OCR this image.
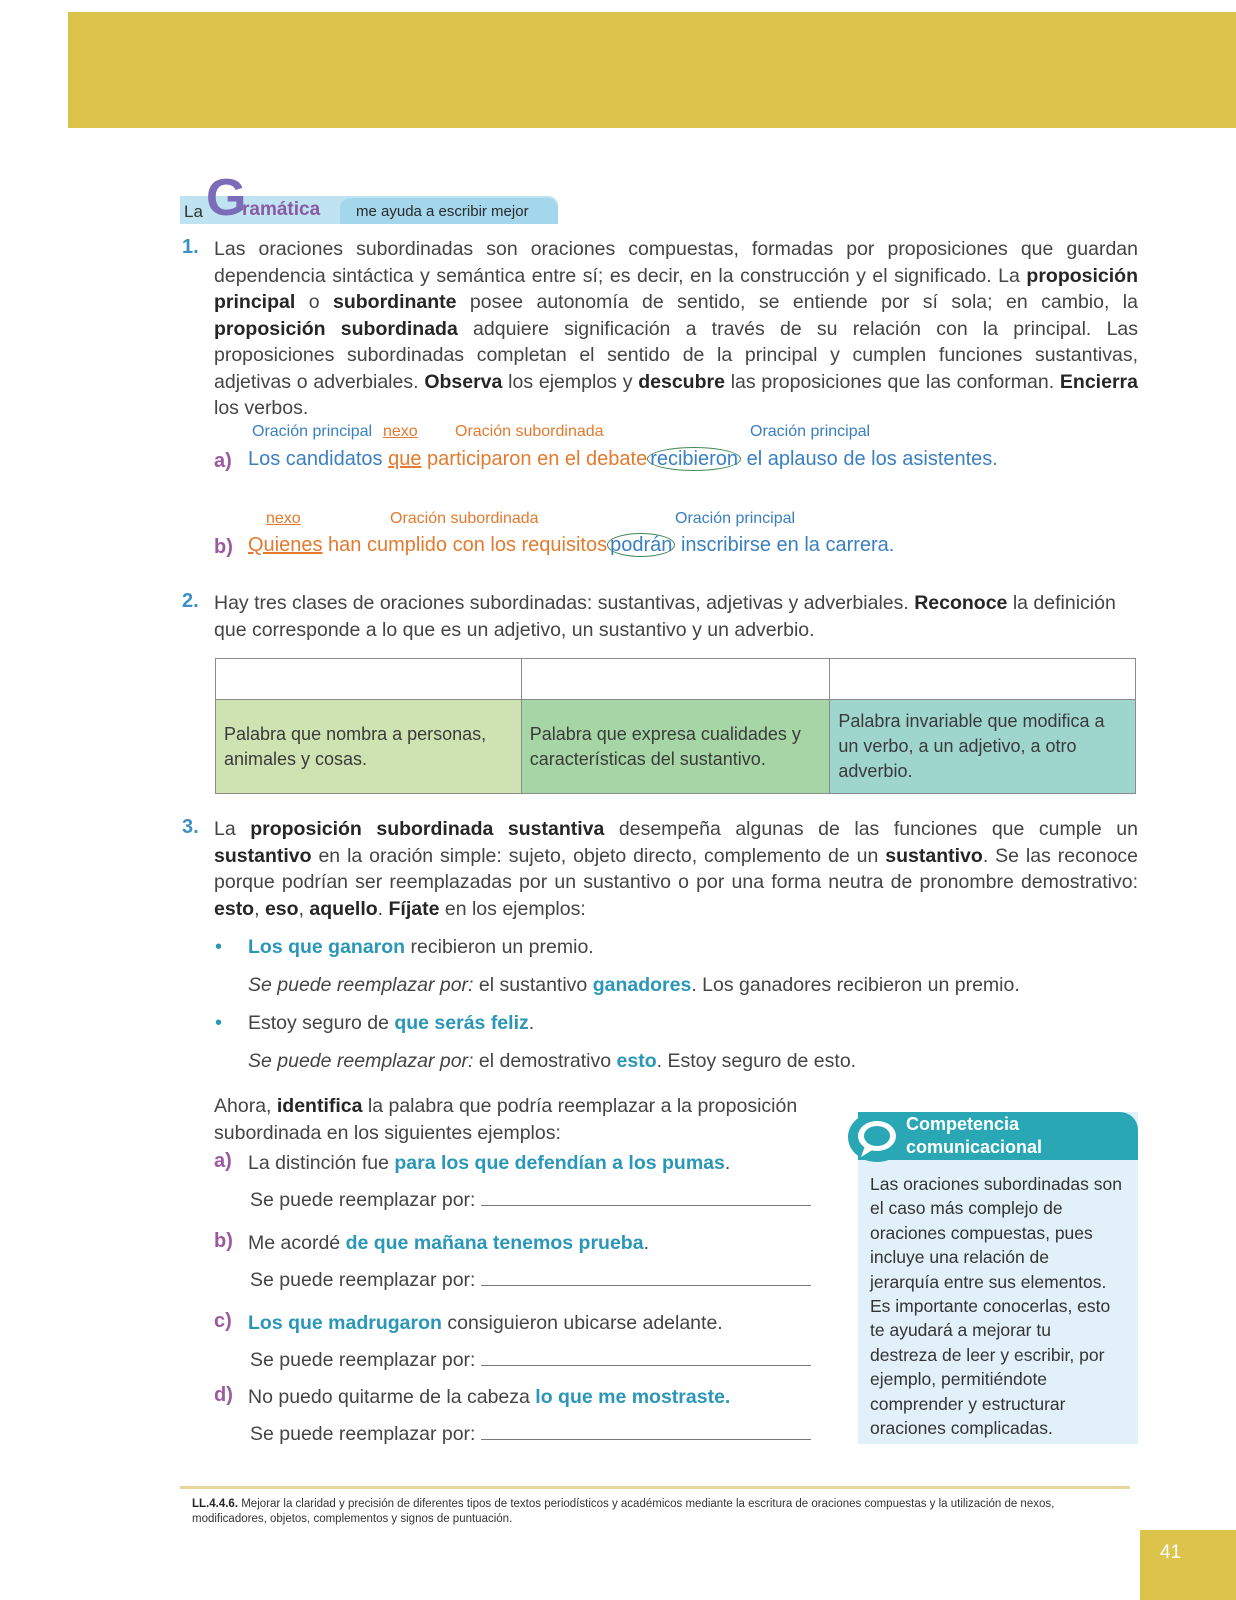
La G
ramática me ayuda a escribir mejor
1. Las oraciones subordinadas son oraciones compuestas, formadas por proposiciones que guardan dependencia sintáctica y semántica entre sí; es decir, en la construcción y el significado. La proposición principal o subordinante posee autonomía de sentido, se entiende por sí sola; en cambio, la proposición subordinada adquiere significación a través de su relación con la principal. Las proposiciones subordinadas completan el sentido de la principal y cumplen funciones sustantivas, adjetivas o adverbiales. Observa los ejemplos y descubre las proposiciones que las conforman. Encierra los verbos.
Oración principal nexo Oración subordinada	Oración principal
a) Los candidatos que participaron en el debate recibieron el aplauso de los asistentes.
nexo	Oración subordinada	Oración principal
b) Quienes han cumplido con los requisitos podrán inscribirse en la carrera.
2. Hay tres clases de oraciones subordinadas: sustantivas, adjetivas y adverbiales. Reconoce la definición que corresponde a lo que es un adjetivo, un sustantivo y un adverbio.

Palabra que nombra a personas, animales y cosas.	Palabra que expresa cualidades y características del sustantivo.	Palabra invariable que modifica a un verbo, a un adjetivo, a otro adverbio.
3. La proposición subordinada sustantiva desempeña algunas de las funciones que cumple un sustantivo en la oración simple: sujeto, objeto directo, complemento de un sustantivo. Se las reconoce porque podrían ser reemplazadas por un sustantivo o por una forma neutra de pronombre demostrativo: esto, eso, aquello. Fíjate en los ejemplos:
• Los que ganaron recibieron un premio.
Se puede reemplazar por: el sustantivo ganadores. Los ganadores recibieron un premio.
• Estoy seguro de que serás feliz.
Se puede reemplazar por: el demostrativo esto. Estoy seguro de esto.
Ahora, identifica la palabra que podría reemplazar a la proposición subordinada en los siguientes ejemplos:
a) La distinción fue para los que defendían a los pumas.
Se puede reemplazar por:
b) Me acordé de que mañana tenemos prueba.
Se puede reemplazar por:
c) Los que madrugaron consiguieron ubicarse adelante.
Se puede reemplazar por:
d) No puedo quitarme de la cabeza lo que me mostraste.
Se puede reemplazar por:
Competencia
comunicacional
Las oraciones subordinadas son el caso más complejo de oraciones compuestas, pues incluye una relación de jerarquía entre sus elementos. Es importante conocerlas, esto te ayudará a mejorar tu destreza de leer y escribir, por ejemplo, permitiéndote comprender y estructurar oraciones complicadas.
LL.4.4.6. Mejorar la claridad y precisión de diferentes tipos de textos periodísticos y académicos mediante la escritura de oraciones compuestas y la utilización de nexos, modificadores, objetos, complementos y signos de puntuación.
41
